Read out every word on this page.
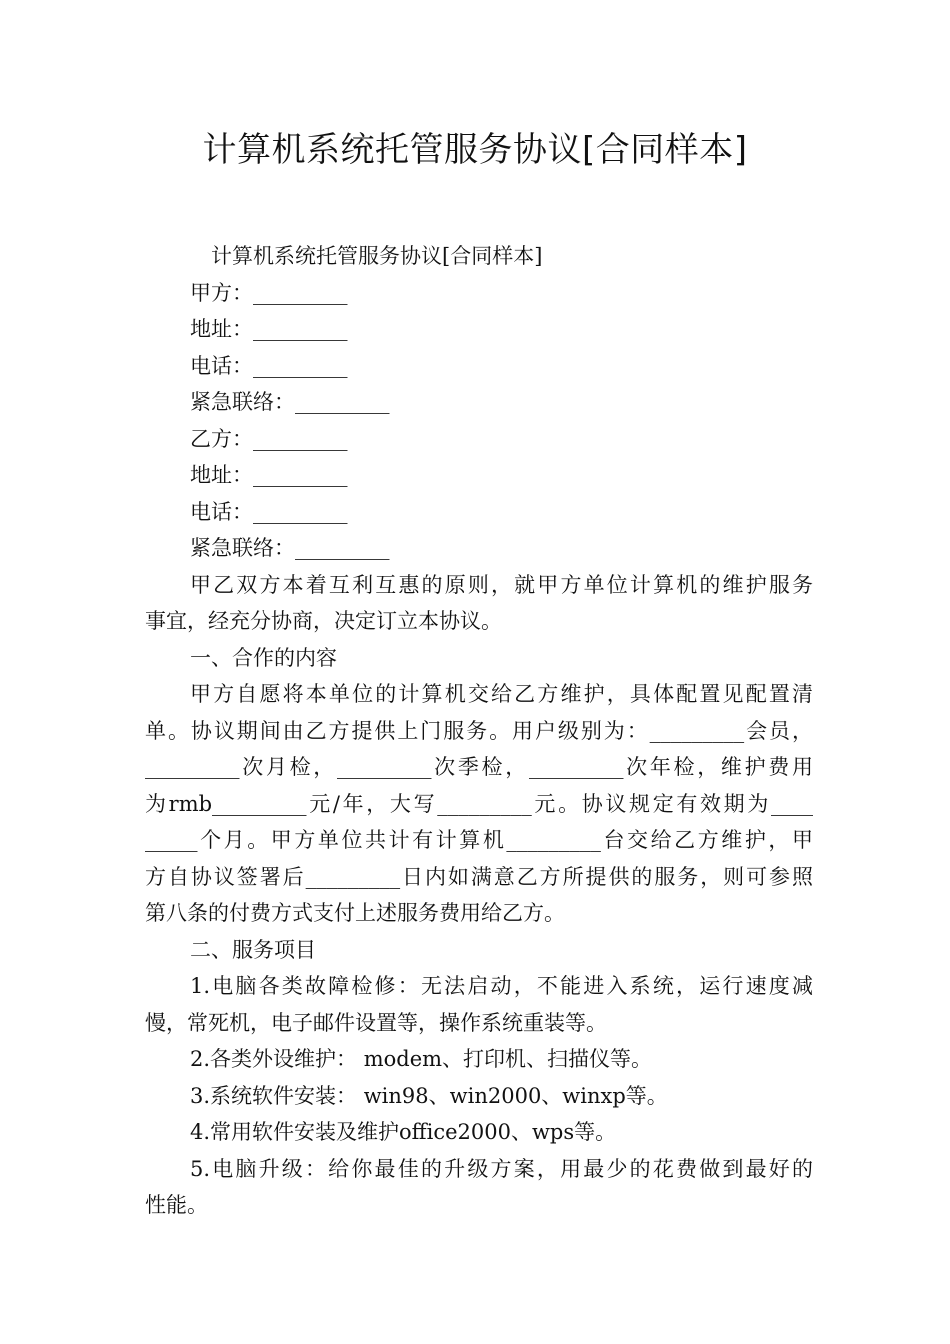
计算机系统托管服务协议[合同样本]
计算机系统托管服务协议[合同样本]
甲方：_________
地址：_________
电话：_________
紧急联络：_________
乙方：_________
地址：_________
电话：_________
紧急联络：_________
甲乙双方本着互利互惠的原则，就甲方单位计算机的维护服务
事宜，经充分协商，决定订立本协议。
一、合作的内容
甲方自愿将本单位的计算机交给乙方维护，具体配置见配置清
单。协议期间由乙方提供上门服务。用户级别为：_________会员，
_________次月检，_________次季检，_________次年检，维护费用
为rmb_________元/年，大写_________元。协议规定有效期为____
_____个月。甲方单位共计有计算机_________台交给乙方维护，甲
方自协议签署后_________日内如满意乙方所提供的服务，则可参照
第八条的付费方式支付上述服务费用给乙方。
二、服务项目
1.电脑各类故障检修：无法启动，不能进入系统，运行速度减
慢，常死机，电子邮件设置等，操作系统重装等。
2.各类外设维护： modem、打印机、扫描仪等。
3.系统软件安装： win98、win2000、winxp等。
4.常用软件安装及维护office2000、wps等。
5.电脑升级：给你最佳的升级方案，用最少的花费做到最好的
性能。
